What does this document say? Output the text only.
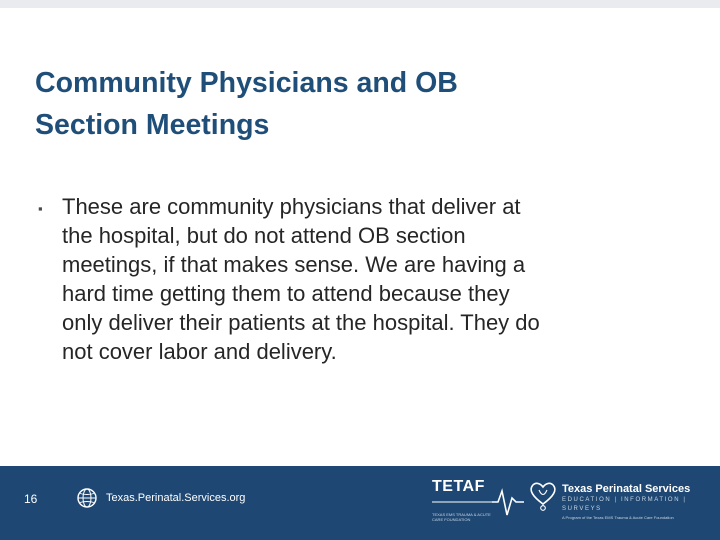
Community Physicians and OB
Section Meetings
▪ These are community physicians that deliver at
the hospital, but do not attend OB section
meetings, if that makes sense. We are having a
hard time getting them to attend because they
only deliver their patients at the hospital. They do
not cover labor and delivery.
16	Texas.Perinatal.Services.org
TETAF
TEXAS EMS TRAUMA & ACUTE CARE FOUNDATION
Texas Perinatal Services
EDUCATION | INFORMATION | SURVEYS
A Program of the Texas EMS Trauma & Acute Care Foundation
